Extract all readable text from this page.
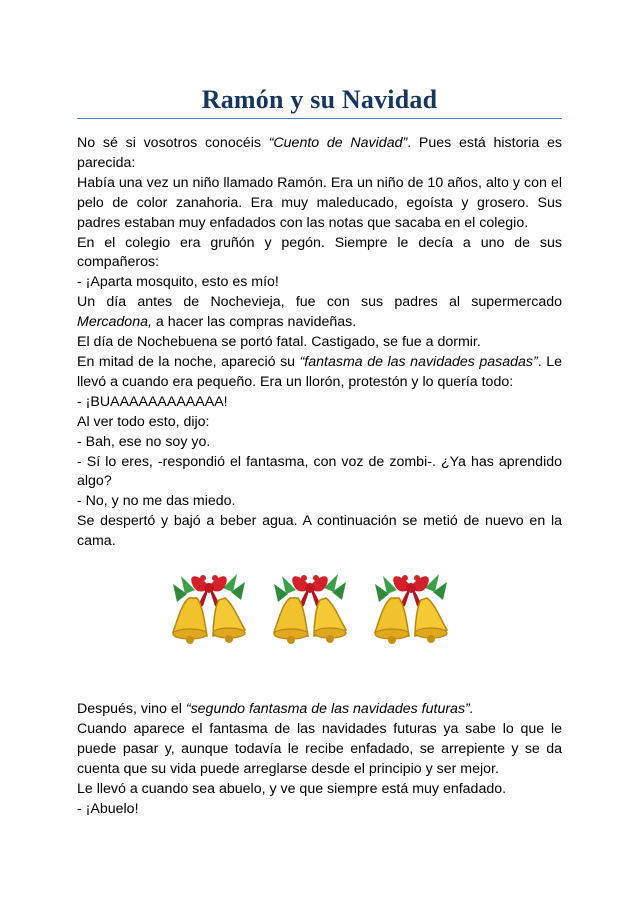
Ramón y su Navidad

No sé si vosotros conocéis “Cuento de Navidad”. Pues está historia es parecida:

Había una vez un niño llamado Ramón. Era un niño de 10 años, alto y con el pelo de color zanahoria. Era muy maleducado, egoísta y grosero. Sus padres estaban muy enfadados con las notas que sacaba en el colegio.

En el colegio era gruñón y pegón. Siempre le decía a uno de sus compañeros:

- ¡Aparta mosquito, esto es mío!

Un día antes de Nochevieja, fue con sus padres al supermercado Mercadona, a hacer las compras navideñas.

El día de Nochebuena se portó fatal. Castigado, se fue a dormir.

En mitad de la noche, apareció su “fantasma de las navidades pasadas”. Le llevó a cuando era pequeño. Era un llorón, protestón y lo quería todo:

- ¡BUAAAAAAAAAAAA!

Al ver todo esto, dijo:

- Bah, ese no soy yo.

- Sí lo eres, -respondió el fantasma, con voz de zombi-. ¿Ya has aprendido algo?

- No, y no me das miedo.

Se despertó y bajó a beber agua. A continuación se metió de nuevo en la cama.

Después, vino el “segundo fantasma de las navidades futuras”.

Cuando aparece el fantasma de las navidades futuras ya sabe lo que le puede pasar y, aunque todavía le recibe enfadado, se arrepiente y se da cuenta que su vida puede arreglarse desde el principio y ser mejor.

Le llevó a cuando sea abuelo, y ve que siempre está muy enfadado.

- ¡Abuelo!
